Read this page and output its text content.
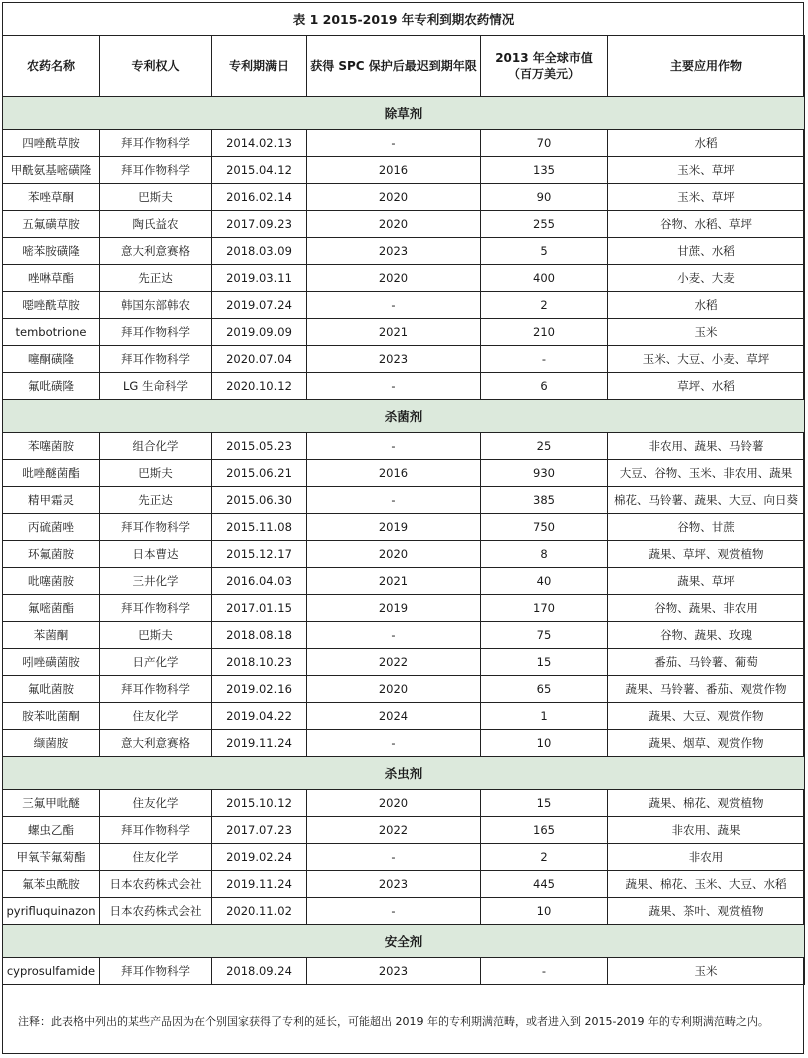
表 1 2015-2019 年专利到期农药情况					
农药名称	专利权人	专利期满日	获得 SPC 保护后最迟到期年限	2013 年全球市值
（百万美元）	主要应用作物
除草剂					
四唑酰草胺	拜耳作物科学	2014.02.13	-	70	水稻
甲酰氨基嘧磺隆	拜耳作物科学	2015.04.12	2016	135	玉米、草坪
苯唑草酮	巴斯夫	2016.02.14	2020	90	玉米、草坪
五氟磺草胺	陶氏益农	2017.09.23	2020	255	谷物、水稻、草坪
嘧苯胺磺隆	意大利意赛格	2018.03.09	2023	5	甘蔗、水稻
唑啉草酯	先正达	2019.03.11	2020	400	小麦、大麦
噁唑酰草胺	韩国东部韩农	2019.07.24	-	2	水稻
tembotrione	拜耳作物科学	2019.09.09	2021	210	玉米
噻酮磺隆	拜耳作物科学	2020.07.04	2023	-	玉米、大豆、小麦、草坪
氟吡磺隆	LG 生命科学	2020.10.12	-	6	草坪、水稻
杀菌剂					
苯噻菌胺	组合化学	2015.05.23	-	25	非农用、蔬果、马铃薯
吡唑醚菌酯	巴斯夫	2015.06.21	2016	930	大豆、谷物、玉米、非农用、蔬果
精甲霜灵	先正达	2015.06.30	-	385	棉花、马铃薯、蔬果、大豆、向日葵
丙硫菌唑	拜耳作物科学	2015.11.08	2019	750	谷物、甘蔗
环氟菌胺	日本曹达	2015.12.17	2020	8	蔬果、草坪、观赏植物
吡噻菌胺	三井化学	2016.04.03	2021	40	蔬果、草坪
氟嘧菌酯	拜耳作物科学	2017.01.15	2019	170	谷物、蔬果、非农用
苯菌酮	巴斯夫	2018.08.18	-	75	谷物、蔬果、玫瑰
吲唑磺菌胺	日产化学	2018.10.23	2022	15	番茄、马铃薯、葡萄
氟吡菌胺	拜耳作物科学	2019.02.16	2020	65	蔬果、马铃薯、番茄、观赏作物
胺苯吡菌酮	住友化学	2019.04.22	2024	1	蔬果、大豆、观赏作物
缬菌胺	意大利意赛格	2019.11.24	-	10	蔬果、烟草、观赏作物
杀虫剂					
三氟甲吡醚	住友化学	2015.10.12	2020	15	蔬果、棉花、观赏植物
螺虫乙酯	拜耳作物科学	2017.07.23	2022	165	非农用、蔬果
甲氧苄氟菊酯	住友化学	2019.02.24	-	2	非农用
氟苯虫酰胺	日本农药株式会社	2019.11.24	2023	445	蔬果、棉花、玉米、大豆、水稻
pyrifluquinazon	日本农药株式会社	2020.11.02	-	10	蔬果、茶叶、观赏植物
安全剂					
cyprosulfamide	拜耳作物科学	2018.09.24	2023	-	玉米
注释：此表格中列出的某些产品因为在个别国家获得了专利的延长，可能超出 2019 年的专利期满范畴，或者进入到 2015-2019 年的专利期满范畴之内。
